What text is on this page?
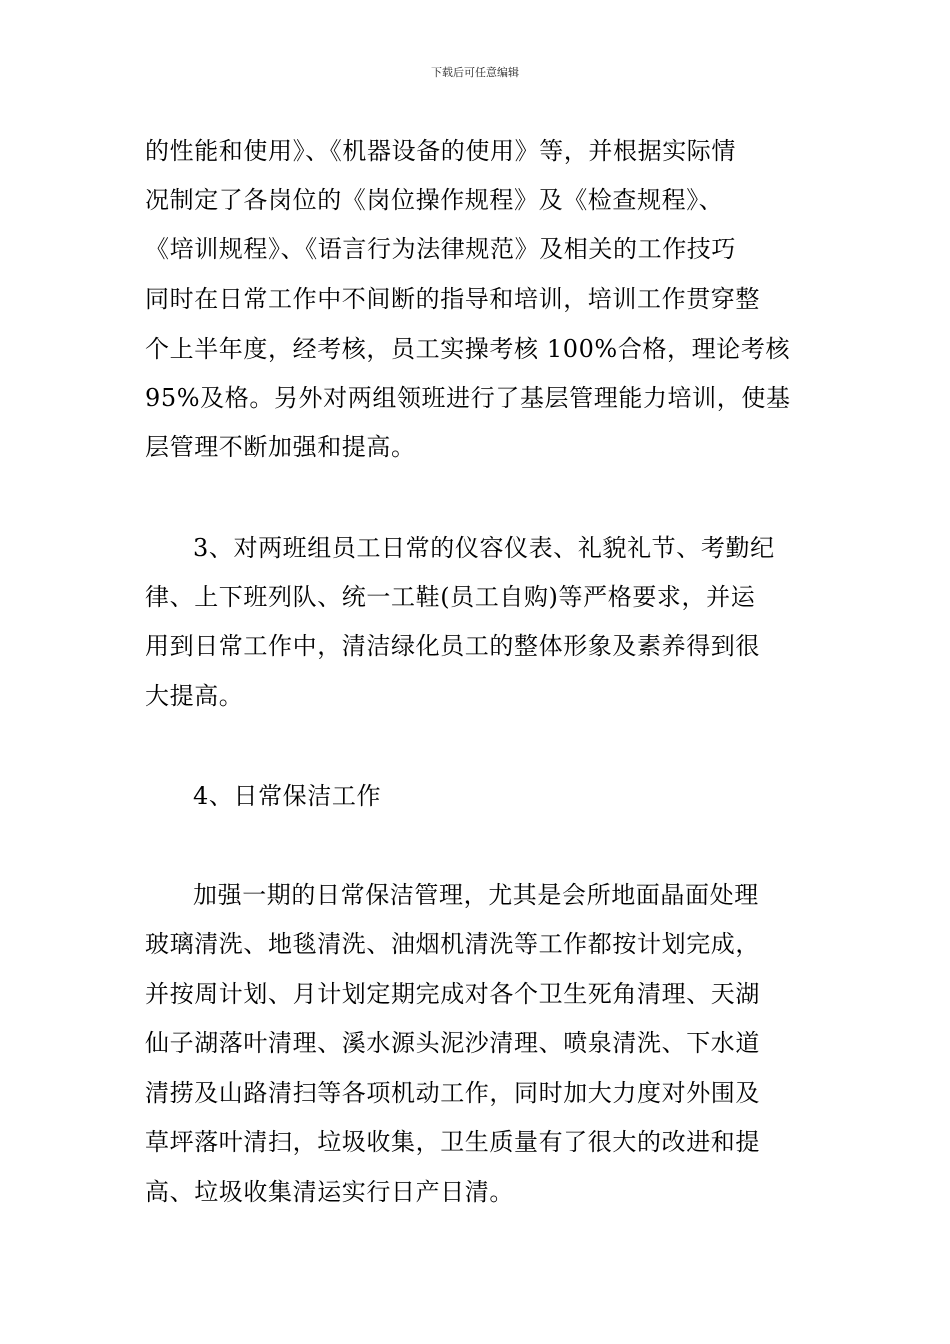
下载后可任意编辑
的性能和使用》、《机器设备的使用》等，并根据实际情
况制定了各岗位的《岗位操作规程》及《检查规程》、
《培训规程》、《语言行为法律规范》及相关的工作技巧
同时在日常工作中不间断的指导和培训，培训工作贯穿整
个上半年度，经考核，员工实操考核 100%合格，理论考核
95%及格。另外对两组领班进行了基层管理能力培训，使基
层管理不断加强和提高。
3、对两班组员工日常的仪容仪表、礼貌礼节、考勤纪
律、上下班列队、统一工鞋(员工自购)等严格要求，并运
用到日常工作中，清洁绿化员工的整体形象及素养得到很
大提高。
4、日常保洁工作
加强一期的日常保洁管理，尤其是会所地面晶面处理
玻璃清洗、地毯清洗、油烟机清洗等工作都按计划完成，
并按周计划、月计划定期完成对各个卫生死角清理、天湖
仙子湖落叶清理、溪水源头泥沙清理、喷泉清洗、下水道
清捞及山路清扫等各项机动工作，同时加大力度对外围及
草坪落叶清扫，垃圾收集，卫生质量有了很大的改进和提
高、垃圾收集清运实行日产日清。
